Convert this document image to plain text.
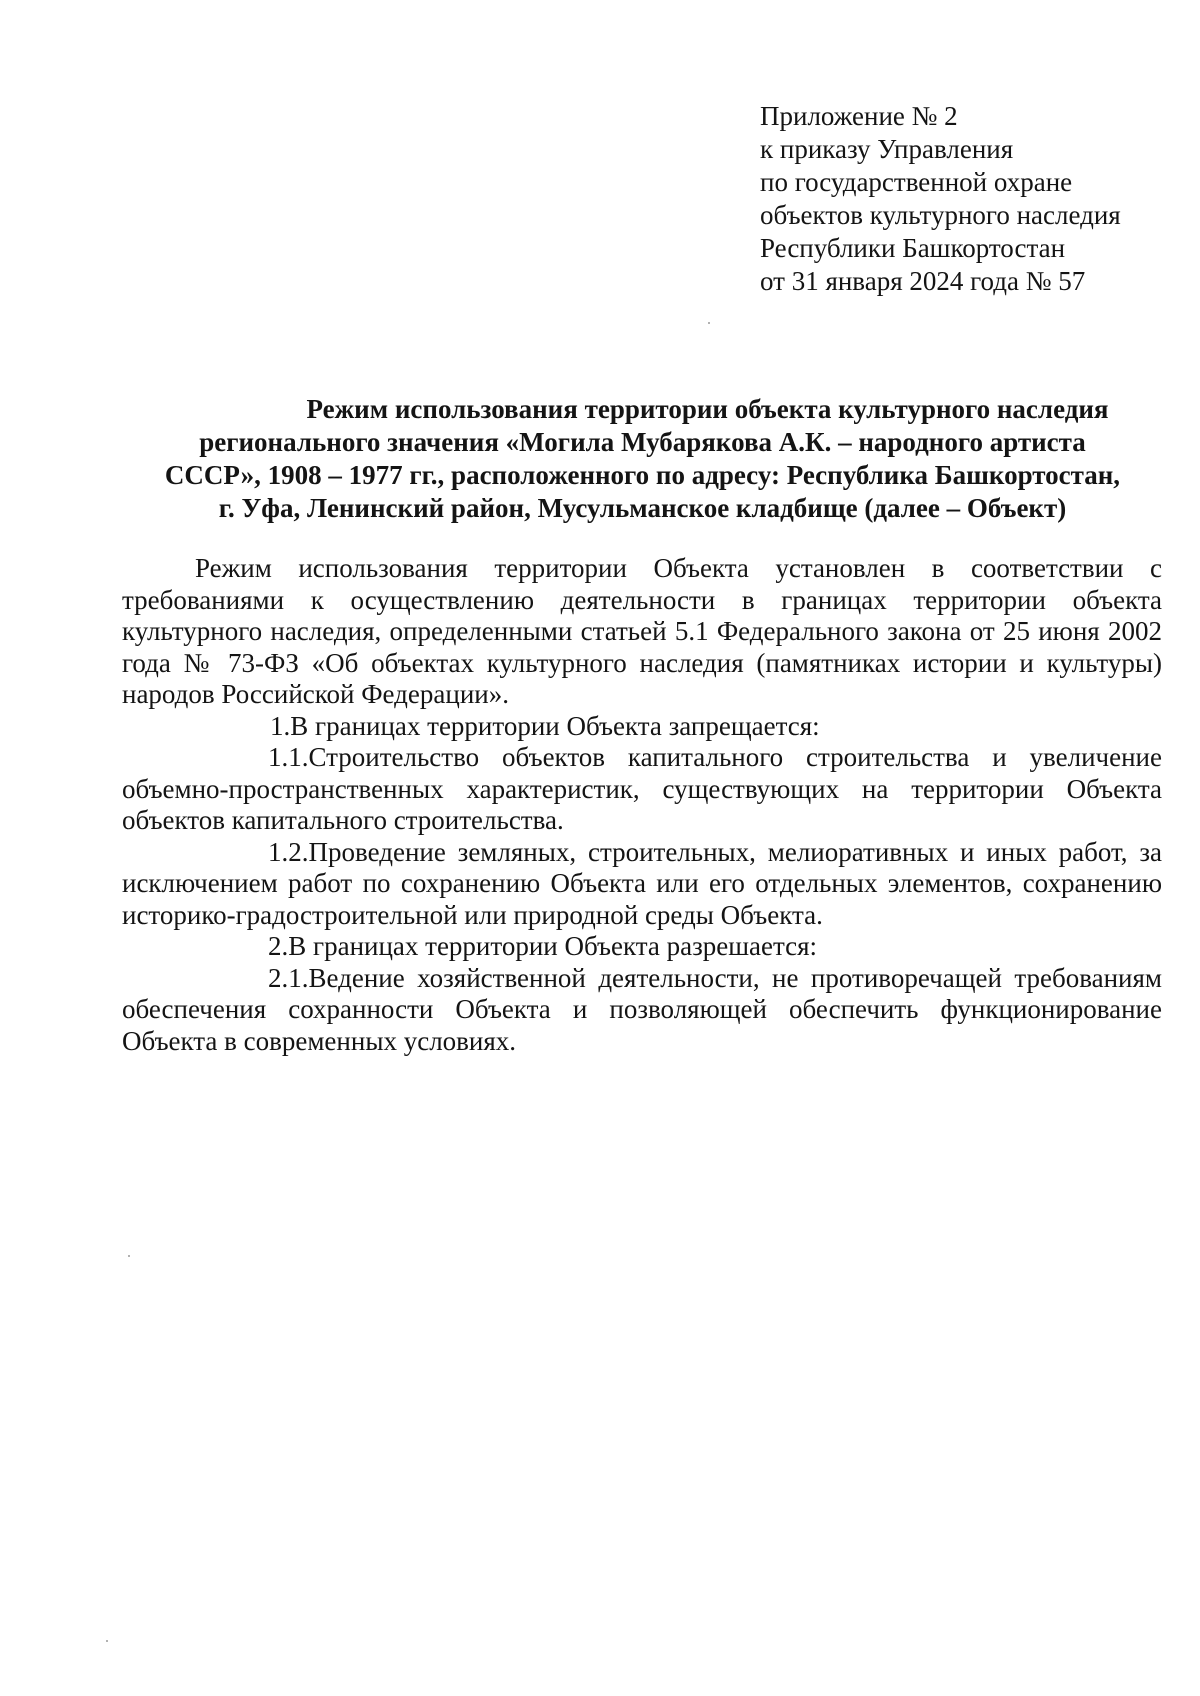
Приложение № 2
к приказу Управления
по государственной охране
объектов культурного наследия
Республики Башкортостан
от 31 января 2024 года № 57
Режим использования территории объекта культурного наследия
регионального значения «Могила Мубарякова А.К. – народного артиста
СССР», 1908 – 1977 гг., расположенного по адресу: Республика Башкортостан,
г. Уфа, Ленинский район, Мусульманское кладбище (далее – Объект)

Режим использования территории Объекта установлен в соответствии с требованиями к осуществлению деятельности в границах территории объекта культурного наследия, определенными статьей 5.1 Федерального закона от 25 июня 2002 года № 73-ФЗ «Об объектах культурного наследия (памятниках истории и культуры) народов Российской Федерации».

1.В границах территории Объекта запрещается:

1.1.Строительство объектов капитального строительства и увеличение объемно-пространственных характеристик, существующих на территории Объекта объектов капитального строительства.

1.2.Проведение земляных, строительных, мелиоративных и иных работ, за исключением работ по сохранению Объекта или его отдельных элементов, сохранению историко-градостроительной или природной среды Объекта.

2.В границах территории Объекта разрешается:

2.1.Ведение хозяйственной деятельности, не противоречащей требованиям обеспечения сохранности Объекта и позволяющей обеспечить функционирование Объекта в современных условиях.
